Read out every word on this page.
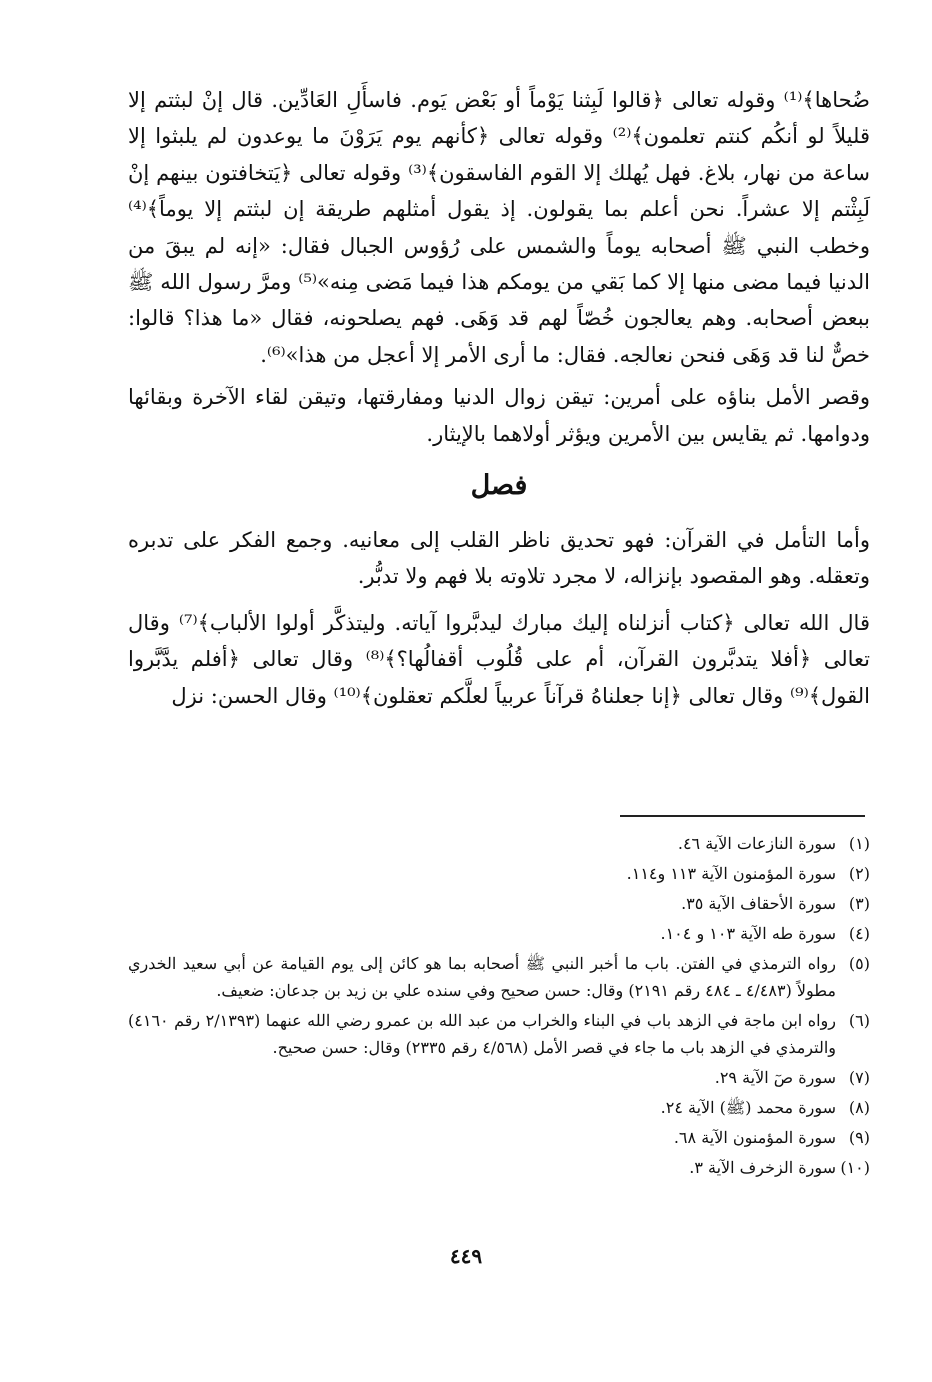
ضُحاها﴾⁽¹⁾ وقوله تعالى ﴿قالوا لَبِثنا يَوْماً أو بَعْض يَوم. فاسأَلِ العَادِّين. قال إنْ لبثتم إلا قليلاً لو أنكُم كنتم تعلمون﴾⁽²⁾ وقوله تعالى ﴿كأنهم يوم يَرَوْنَ ما يوعدون لم يلبثوا إلا ساعة من نهار، بلاغ. فهل يُهلك إلا القوم الفاسقون﴾⁽³⁾ وقوله تعالى ﴿يَتخافتون بينهم إنْ لَبِثْتم إلا عشراً. نحن أعلم بما يقولون. إذ يقول أمثلهم طريقة إن لبثتم إلا يوماً﴾⁽⁴⁾ وخطب النبي ﷺ أصحابه يوماً والشمس على رُؤوس الجبال فقال: «إنه لم يبقَ من الدنيا فيما مضى منها إلا كما بَقي من يومكم هذا فيما مَضى مِنه»⁽⁵⁾ ومرَّ رسول الله ﷺ ببعض أصحابه. وهم يعالجون خُصّاً لهم قد وَهَى. فهم يصلحونه، فقال «ما هذا؟ قالوا: خصٌّ لنا قد وَهَى فنحن نعالجه. فقال: ما أرى الأمر إلا أعجل من هذا»⁽⁶⁾.

وقصر الأمل بناؤه على أمرين: تيقن زوال الدنيا ومفارقتها، وتيقن لقاء الآخرة وبقائها ودوامها. ثم يقايس بين الأمرين ويؤثر أولاهما بالإيثار.

فصل

وأما التأمل في القرآن: فهو تحديق ناظر القلب إلى معانيه. وجمع الفكر على تدبره وتعقله. وهو المقصود بإنزاله، لا مجرد تلاوته بلا فهم ولا تدبُّر.

قال الله تعالى ﴿كتاب أنزلناه إليك مبارك ليدبَّروا آياته. وليتذكَّر أولوا الألباب﴾⁽⁷⁾ وقال تعالى ﴿أفلا يتدبَّرون القرآن، أم على قُلُوب أقفالُها؟﴾⁽⁸⁾ وقال تعالى ﴿أفلم يدَّبَّروا القول﴾⁽⁹⁾ وقال تعالى ﴿إنا جعلناهُ قرآناً عربياً لعلَّكم تعقلون﴾⁽¹⁰⁾ وقال الحسن: نزل

(١)
سورة النازعات الآية ٤٦.
(٢)
سورة المؤمنون الآية ١١٣ و١١٤.
(٣)
سورة الأحقاف الآية ٣٥.
(٤)
سورة طه الآية ١٠٣ و ١٠٤.
(٥)
رواه الترمذي في الفتن. باب ما أخبر النبي ﷺ أصحابه بما هو كائن إلى يوم القيامة عن أبي سعيد الخدري مطولاً (٤/٤٨٣ ـ ٤٨٤ رقم ٢١٩١) وقال: حسن صحيح وفي سنده علي بن زيد بن جدعان: ضعيف.
(٦)
رواه ابن ماجة في الزهد باب في البناء والخراب من عبد الله بن عمرو رضي الله عنهما (٢/١٣٩٣ رقم ٤١٦٠) والترمذي في الزهد باب ما جاء في قصر الأمل (٤/٥٦٨ رقم ٢٣٣٥) وقال: حسن صحيح.
(٧)
سورة صٓ الآية ٢٩.
(٨)
سورة محمد (ﷺ) الآية ٢٤.
(٩)
سورة المؤمنون الآية ٦٨.
(١٠)
سورة الزخرف الآية ٣.
٤٤٩
